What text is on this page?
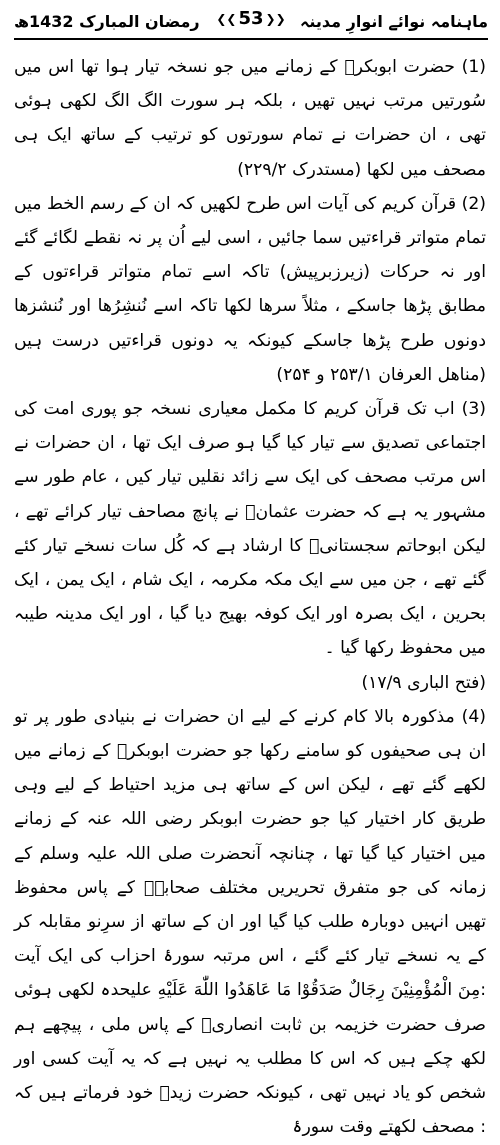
ماہنامہ نوائے انوارِ مدینہ
❮❮53❯❯
رمضان المبارک 1432ھ

(1) حضرت ابوبکرؓ کے زمانے میں جو نسخہ تیار ہوا تھا اس میں سُورتیں مرتب نہیں تھیں ، بلکہ ہر سورت الگ الگ لکھی ہوئی تھی ، ان حضرات نے تمام سورتوں کو ترتیب کے ساتھ ایک ہی مصحف میں لکھا (مستدرک ۲۲۹/۲)

(2) قرآن کریم کی آیات اس طرح لکھیں کہ ان کے رسم الخط میں تمام متواتر قراءتیں سما جائیں ، اسی لیے اُن پر نہ نقطے لگائے گئے اور نہ حرکات (زیرزبرپیش) تاکہ اسے تمام متواتر قراءتوں کے مطابق پڑھا جاسکے ، مثلاً سرھا لکھا تاکہ اسے نُنشِرُھا اور نُنشزھا دونوں طرح پڑھا جاسکے کیونکہ یہ دونوں قراءتیں درست ہیں (مناھل العرفان ۲۵۳/۱ و ۲۵۴)

(3) اب تک قرآن کریم کا مکمل معیاری نسخہ جو پوری امت کی اجتماعی تصدیق سے تیار کیا گیا ہو صرف ایک تھا ، ان حضرات نے اس مرتب مصحف کی ایک سے زائد نقلیں تیار کیں ، عام طور سے مشہور یہ ہے کہ حضرت عثمانؓ نے پانچ مصاحف تیار کرائے تھے ، لیکن ابوحاتم سجستانیؒ کا ارشاد ہے کہ کُل سات نسخے تیار کئے گئے تھے ، جن میں سے ایک مکہ مکرمہ ، ایک شام ، ایک یمن ، ایک بحرین ، ایک بصرہ اور ایک کوفہ بھیج دیا گیا ، اور ایک مدینہ طیبہ میں محفوظ رکھا گیا ۔

(فتح الباری ۱۷/۹)

(4) مذکورہ بالا کام کرنے کے لیے ان حضرات نے بنیادی طور پر تو ان ہی صحیفوں کو سامنے رکھا جو حضرت ابوبکرؓ کے زمانے میں لکھے گئے تھے ، لیکن اس کے ساتھ ہی مزید احتیاط کے لیے وہی طریق کار اختیار کیا جو حضرت ابوبکر رضی اللہ عنہ کے زمانے میں اختیار کیا گیا تھا ، چنانچہ آنحضرت صلی اللہ علیہ وسلم کے زمانہ کی جو متفرق تحریریں مختلف صحابہؓ کے پاس محفوظ تھیں انہیں دوبارہ طلب کیا گیا اور ان کے ساتھ از سرِنو مقابلہ کر کے یہ نسخے تیار کئے گئے ، اس مرتبہ سورۂ احزاب کی ایک آیت :مِنَ الْمُؤْمِنِیْنَ رِجَالٌ صَدَقُوْا مَا عَاهَدُوا اللّٰهَ عَلَیْهِ علیحدہ لکھی ہوئی صرف حضرت خزیمہ بن ثابت انصاریؓ کے پاس ملی ، پیچھے ہم لکھ چکے ہیں کہ اس کا مطلب یہ نہیں ہے کہ یہ آیت کسی اور شخص کو یاد نہیں تھی ، کیونکہ حضرت زیدؓ خود فرماتے ہیں کہ : مصحف لکھتے وقت سورۂ
